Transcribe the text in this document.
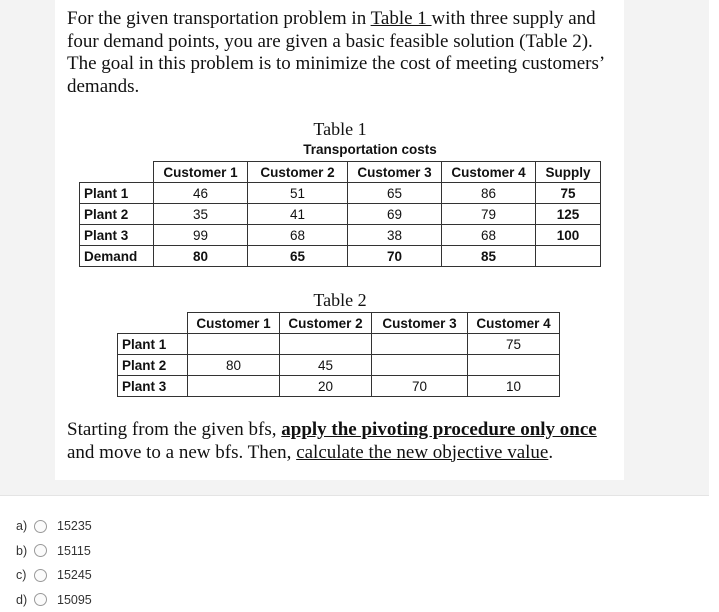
For the given transportation problem in Table 1 with three supply and four demand points, you are given a basic feasible solution (Table 2). The goal in this problem is to minimize the cost of meeting customers’ demands.

Table 1
Transportation costs
	Customer 1	Customer 2	Customer 3	Customer 4	Supply
Plant 1	46	51	65	86	75
Plant 2	35	41	69	79	125
Plant 3	99	68	38	68	100
Demand	80	65	70	85	
Table 2
	Customer 1	Customer 2	Customer 3	Customer 4
Plant 1				75
Plant 2	80	45		
Plant 3		20	70	10

Starting from the given bfs, apply the pivoting procedure only once and move to a new bfs. Then, calculate the new objective value.

a)	15235
b)	15115
c)	15245
d)	15095
